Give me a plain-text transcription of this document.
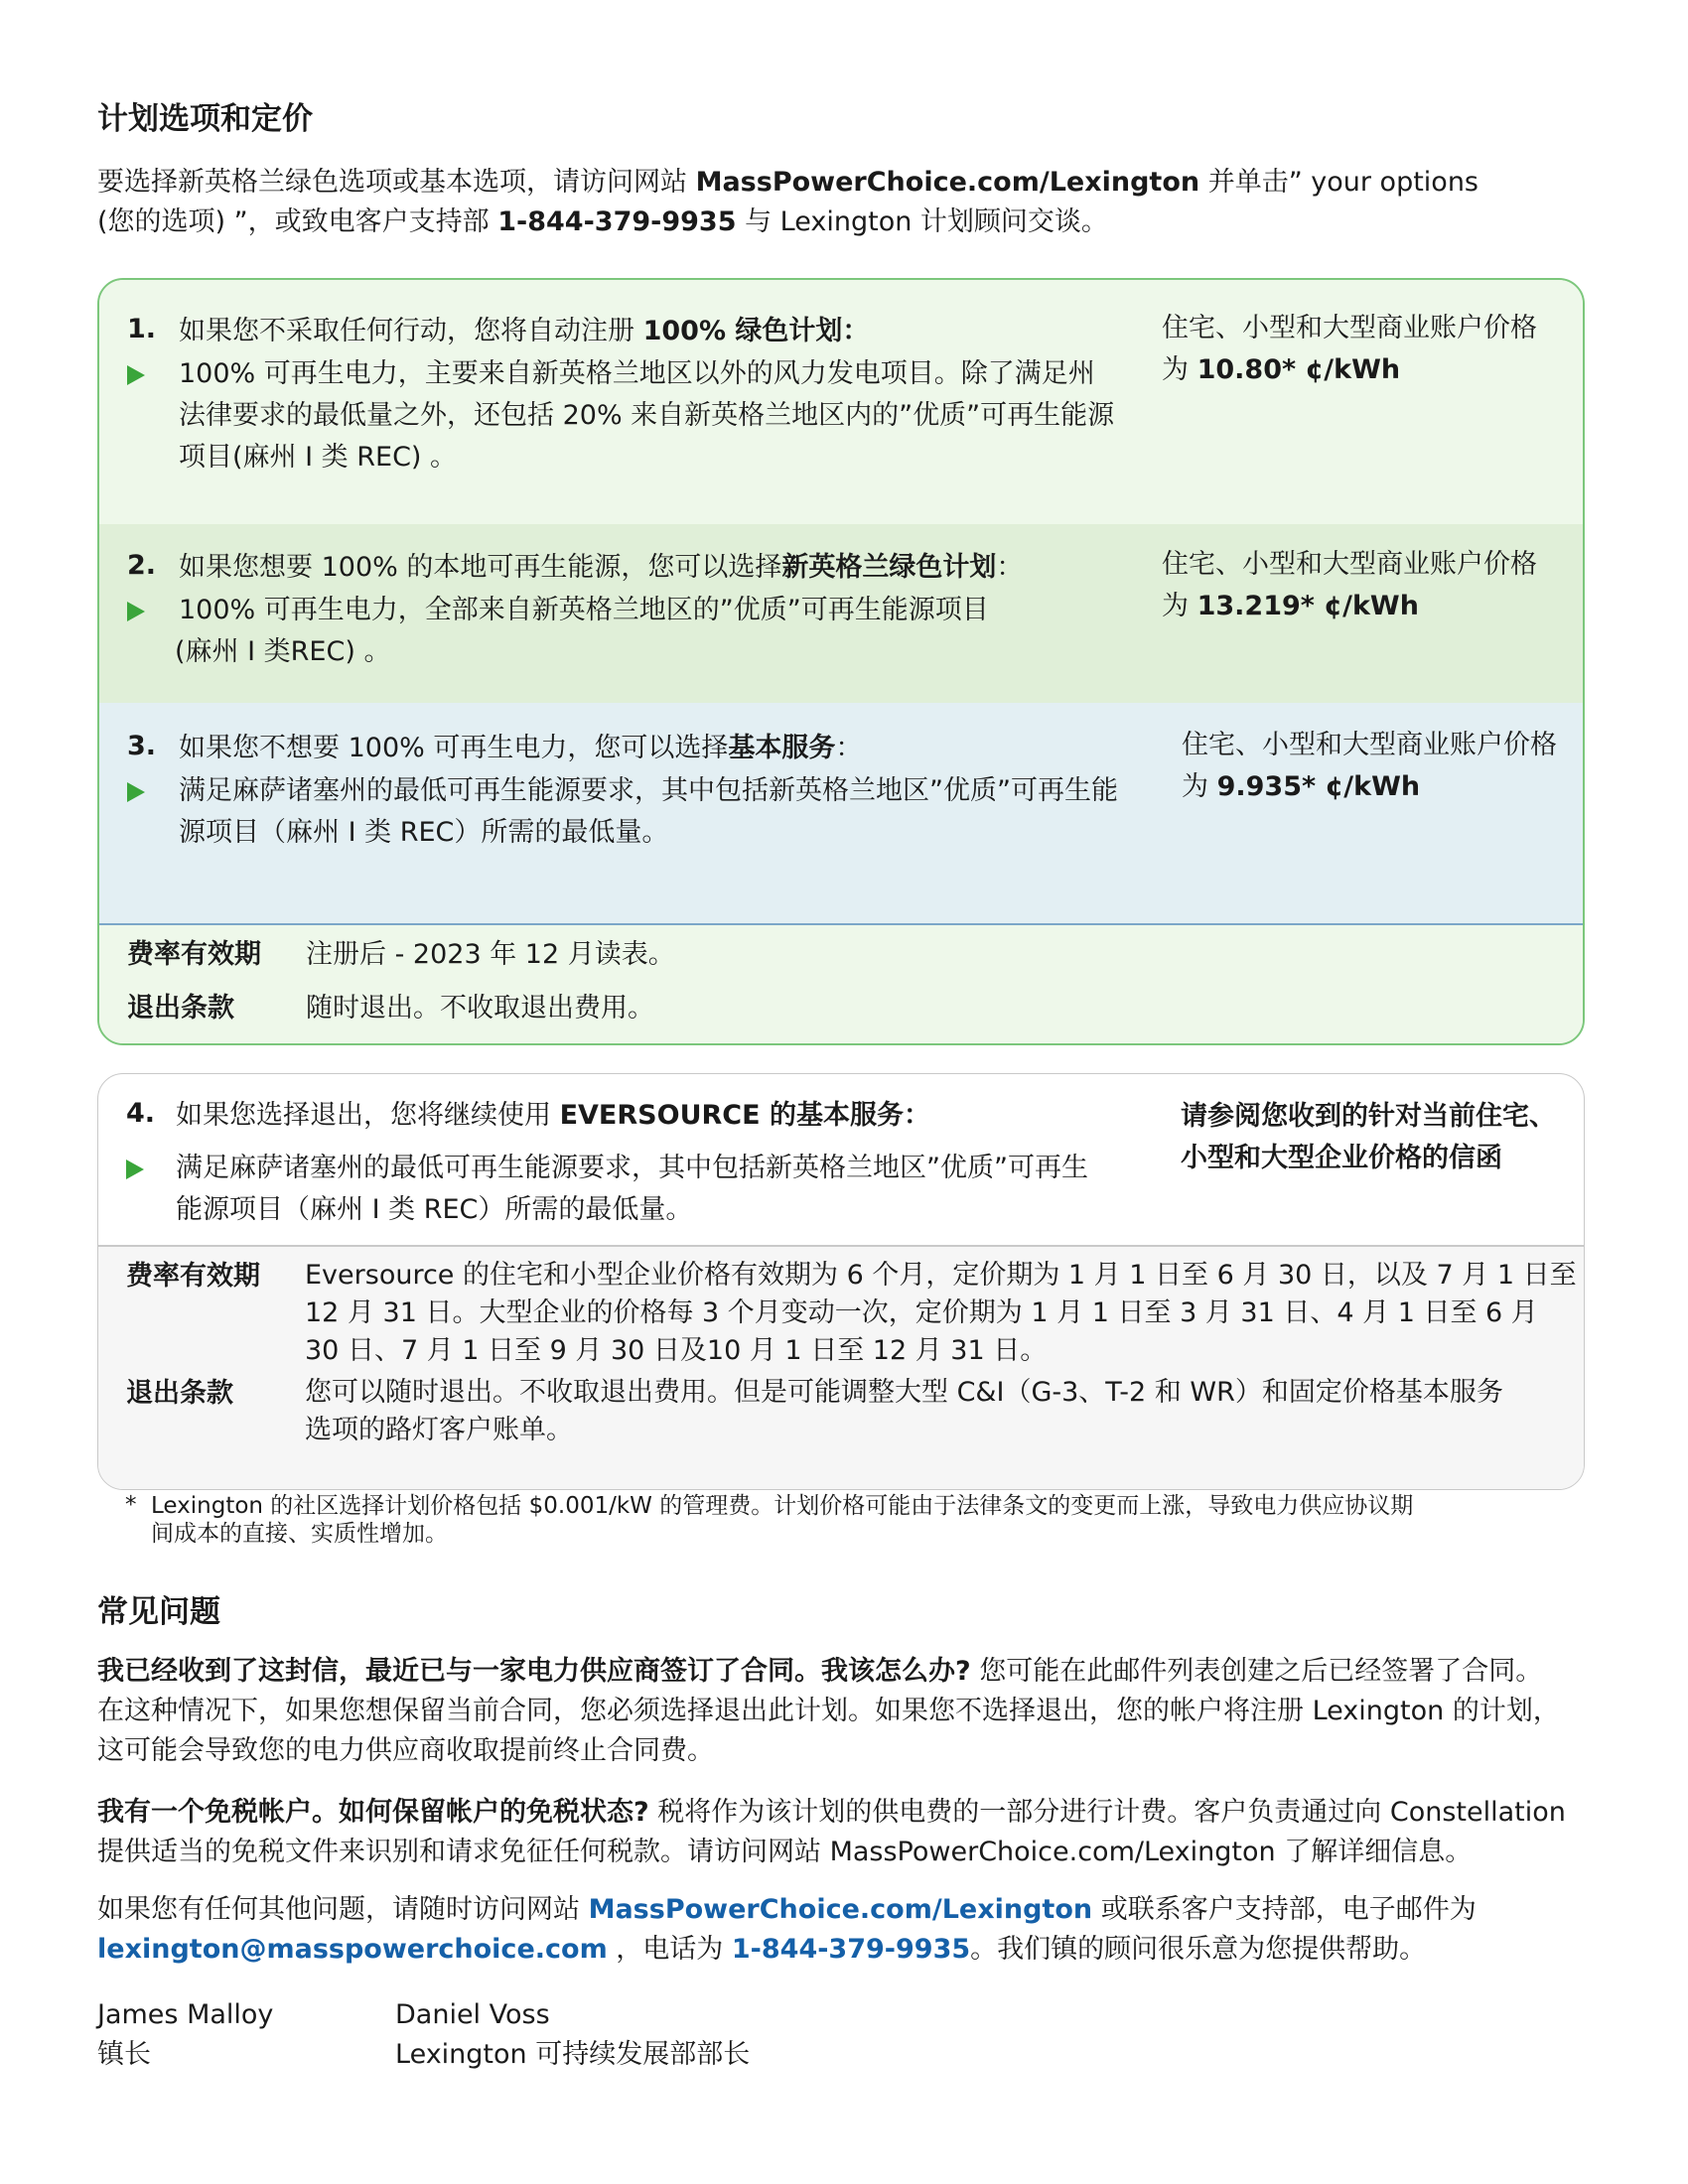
计划选项和定价
要选择新英格兰绿色选项或基本选项，请访问网站 MassPowerChoice.com/Lexington 并单击” your options
(您的选项) ”，或致电客户支持部 1-844-379-9935 与 Lexington 计划顾问交谈。
1. 如果您不采取任何行动，您将自动注册 100% 绿色计划：
100% 可再生电力，主要来自新英格兰地区以外的风力发电项目。除了满足州
法律要求的最低量之外，还包括 20% 来自新英格兰地区内的”优质”可再生能源
项目(麻州 I 类 REC) 。
住宅、小型和大型商业账户价格
为 10.80* ¢/kWh
2. 如果您想要 100% 的本地可再生能源，您可以选择新英格兰绿色计划：
100% 可再生电力，全部来自新英格兰地区的”优质”可再生能源项目
(麻州 I 类REC) 。
住宅、小型和大型商业账户价格
为 13.219* ¢/kWh
3. 如果您不想要 100% 可再生电力，您可以选择基本服务：
满足麻萨诸塞州的最低可再生能源要求，其中包括新英格兰地区”优质”可再生能
源项目（麻州 I 类 REC）所需的最低量。
住宅、小型和大型商业账户价格
为 9.935* ¢/kWh
费率有效期	注册后 - 2023 年 12 月读表。
退出条款	随时退出。不收取退出费用。
4. 如果您选择退出，您将继续使用 EVERSOURCE 的基本服务：
满足麻萨诸塞州的最低可再生能源要求，其中包括新英格兰地区”优质”可再生
能源项目（麻州 I 类 REC）所需的最低量。
请参阅您收到的针对当前住宅、
小型和大型企业价格的信函
费率有效期	Eversource 的住宅和小型企业价格有效期为 6 个月，定价期为 1 月 1 日至 6 月 30 日，以及 7 月 1 日至
12 月 31 日。大型企业的价格每 3 个月变动一次，定价期为 1 月 1 日至 3 月 31 日、4 月 1 日至 6 月
30 日、7 月 1 日至 9 月 30 日及10 月 1 日至 12 月 31 日。
退出条款	您可以随时退出。不收取退出费用。但是可能调整大型 C&I（G-3、T-2 和 WR）和固定价格基本服务
选项的路灯客户账单。
* Lexington 的社区选择计划价格包括 $0.001/kW 的管理费。计划价格可能由于法律条文的变更而上涨，导致电力供应协议期
间成本的直接、实质性增加。
常见问题
我已经收到了这封信，最近已与一家电力供应商签订了合同。我该怎么办? 您可能在此邮件列表创建之后已经签署了合同。
在这种情况下，如果您想保留当前合同，您必须选择退出此计划。如果您不选择退出，您的帐户将注册 Lexington 的计划，
这可能会导致您的电力供应商收取提前终止合同费。
我有一个免税帐户。如何保留帐户的免税状态? 税将作为该计划的供电费的一部分进行计费。客户负责通过向 Constellation
提供适当的免税文件来识别和请求免征任何税款。请访问网站 MassPowerChoice.com/Lexington 了解详细信息。
如果您有任何其他问题，请随时访问网站 MassPowerChoice.com/Lexington 或联系客户支持部，电子邮件为
lexington@masspowerchoice.com ，电话为 1-844-379-9935。我们镇的顾问很乐意为您提供帮助。
James Malloy
镇长
Daniel Voss
Lexington 可持续发展部部长
